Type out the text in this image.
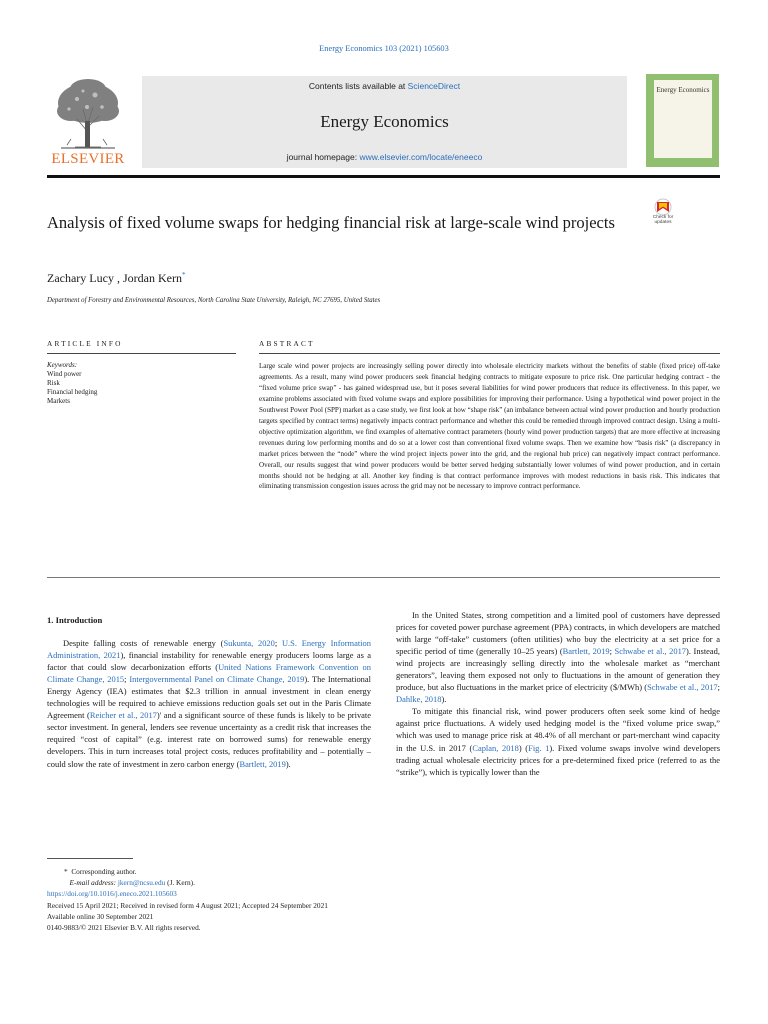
Energy Economics 103 (2021) 105603
ELSEVIER
Contents lists available at ScienceDirect
Energy Economics
journal homepage: www.elsevier.com/locate/eneeco
Energy Economics
Analysis of fixed volume swaps for hedging financial risk at large-scale wind projects	Check for updates
Zachary Lucy , Jordan Kern*
Department of Forestry and Environmental Resources, North Carolina State University, Raleigh, NC 27695, United States
ARTICLE INFO	ABSTRACT
Keywords:
Wind power
Risk
Financial hedging
Markets
Large scale wind power projects are increasingly selling power directly into wholesale electricity markets without the benefits of stable (fixed price) off-take agreements. As a result, many wind power producers seek financial hedging contracts to mitigate exposure to price risk. One particular hedging contract - the “fixed volume price swap” - has gained widespread use, but it poses several liabilities for wind power producers that reduce its effectiveness. In this paper, we examine problems associated with fixed volume swaps and explore possibilities for improving their performance. Using a hypothetical wind power project in the Southwest Power Pool (SPP) market as a case study, we first look at how “shape risk” (an imbalance between actual wind power production and hourly production targets specified by contract terms) negatively impacts contract performance and whether this could be remedied through improved contract design. Using a multi-objective optimization algorithm, we find examples of alternative contract parameters (hourly wind power production targets) that are more effective at increasing revenues during low performing months and do so at a lower cost than conventional fixed volume swaps. Then we examine how “basis risk” (a discrepancy in market prices between the “node” where the wind project injects power into the grid, and the regional hub price) can negatively impact contract performance. Overall, our results suggest that wind power producers would be better served hedging substantially lower volumes of wind power production, and in certain months should not be hedging at all. Another key finding is that contract performance improves with modest reductions in basis risk. This indicates that eliminating transmission congestion issues across the grid may not be necessary to improve contract performance.
1. Introduction

Despite falling costs of renewable energy (Sukunta, 2020; U.S. Energy Information Administration, 2021), financial instability for renewable energy producers looms large as a factor that could slow decarbonization efforts (United Nations Framework Convention on Climate Change, 2015; Intergovernmental Panel on Climate Change, 2019). The International Energy Agency (IEA) estimates that $2.3 trillion in annual investment in clean energy technologies will be required to achieve emissions reduction goals set out in the Paris Climate Agreement (Reicher et al., 2017)' and a significant source of these funds is likely to be private sector investment. In general, lenders see revenue uncertainty as a credit risk that increases the required “cost of capital” (e.g. interest rate on borrowed sums) for renewable energy developers. This in turn increases total project costs, reduces profitability and – potentially – could slow the rate of investment in zero carbon energy (Bartlett, 2019).

In the United States, strong competition and a limited pool of customers have depressed prices for coveted power purchase agreement (PPA) contracts, in which developers are matched with large “off-take” customers (often utilities) who buy the electricity at a set price for a specific period of time (generally 10–25 years) (Bartlett, 2019; Schwabe et al., 2017). Instead, wind projects are increasingly selling directly into the wholesale market as “merchant generators”, leaving them exposed not only to fluctuations in the amount of generation they produce, but also fluctuations in the market price of electricity ($/MWh) (Schwabe et al., 2017; Dahlke, 2018).

To mitigate this financial risk, wind power producers often seek some kind of hedge against price fluctuations. A widely used hedging model is the “fixed volume price swap,” which was used to manage price risk at 48.4% of all merchant or part-merchant wind capacity in the U.S. in 2017 (Caplan, 2018) (Fig. 1). Fixed volume swaps involve wind developers trading actual wholesale electricity prices for a pre-determined fixed price (referred to as the “strike”), which is typically lower than the

* Corresponding author.
E-mail address: jkern@ncsu.edu (J. Kern).
https://doi.org/10.1016/j.eneco.2021.105603
Received 15 April 2021; Received in revised form 4 August 2021; Accepted 24 September 2021
Available online 30 September 2021
0140-9883/© 2021 Elsevier B.V. All rights reserved.
